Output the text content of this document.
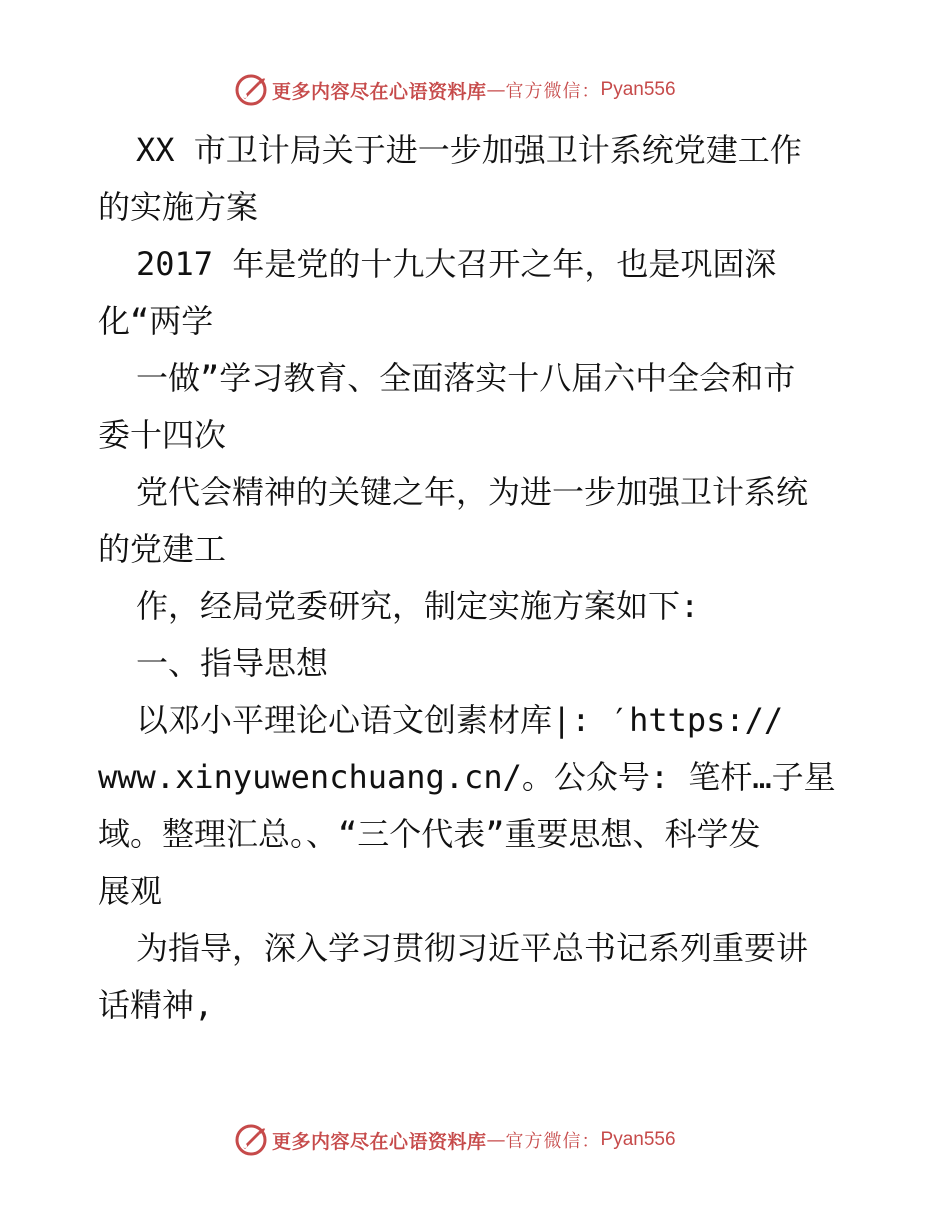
更多内容尽在心语资料库 — 官方微信： Pyan556
XX 市卫计局关于进一步加强卫计系统党建工作
的实施方案
2017 年是党的十九大召开之年，也是巩固深
化“两学
一做”学习教育、全面落实十八届六中全会和市
委十四次
党代会精神的关键之年，为进一步加强卫计系统
的党建工
作，经局党委研究，制定实施方案如下:
一、指导思想
以邓小平理论心语文创素材库|: ′https://
www.xinyuwenchuang.cn/。公众号: 笔杆…子星
域。整理汇总。、“三个代表”重要思想、科学发
展观
为指导，深入学习贯彻习近平总书记系列重要讲
话精神,
更多内容尽在心语资料库 — 官方微信： Pyan556
